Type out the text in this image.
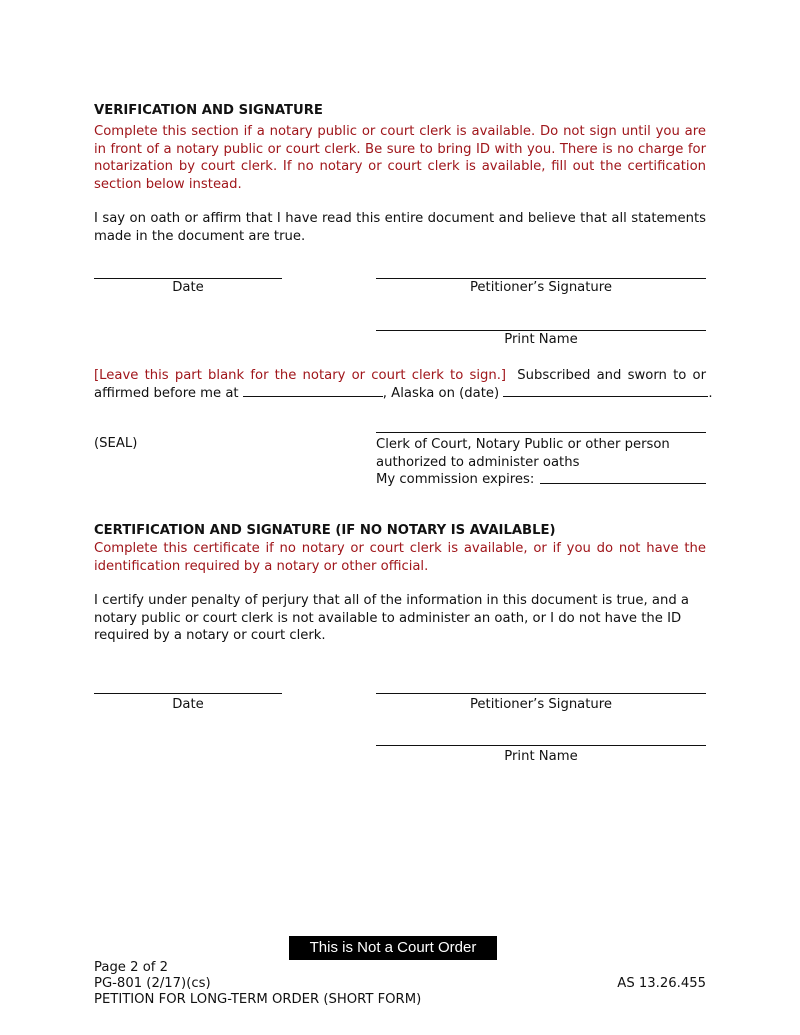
VERIFICATION AND SIGNATURE
Complete this section if a notary public or court clerk is available. Do not sign until you are in front of a notary public or court clerk. Be sure to bring ID with you. There is no charge for notarization by court clerk. If no notary or court clerk is available, fill out the certification section below instead.
I say on oath or affirm that I have read this entire document and believe that all statements made in the document are true.
Date	Petitioner’s Signature
Print Name
[Leave this part blank for the notary or court clerk to sign.] Subscribed and sworn to or
affirmed before me at	, Alaska on (date)	.
(SEAL)	Clerk of Court, Notary Public or other person
authorized to administer oaths
My commission expires:
CERTIFICATION AND SIGNATURE (IF NO NOTARY IS AVAILABLE)
Complete this certificate if no notary or court clerk is available, or if you do not have the identification required by a notary or other official.
I certify under penalty of perjury that all of the information in this document is true, and a
notary public or court clerk is not available to administer an oath, or I do not have the ID
required by a notary or court clerk.
Date	Petitioner’s Signature
Print Name
This is Not a Court Order
Page 2 of 2
PG-801 (2/17)(cs)
PETITION FOR LONG-TERM ORDER (SHORT FORM)
AS 13.26.455
